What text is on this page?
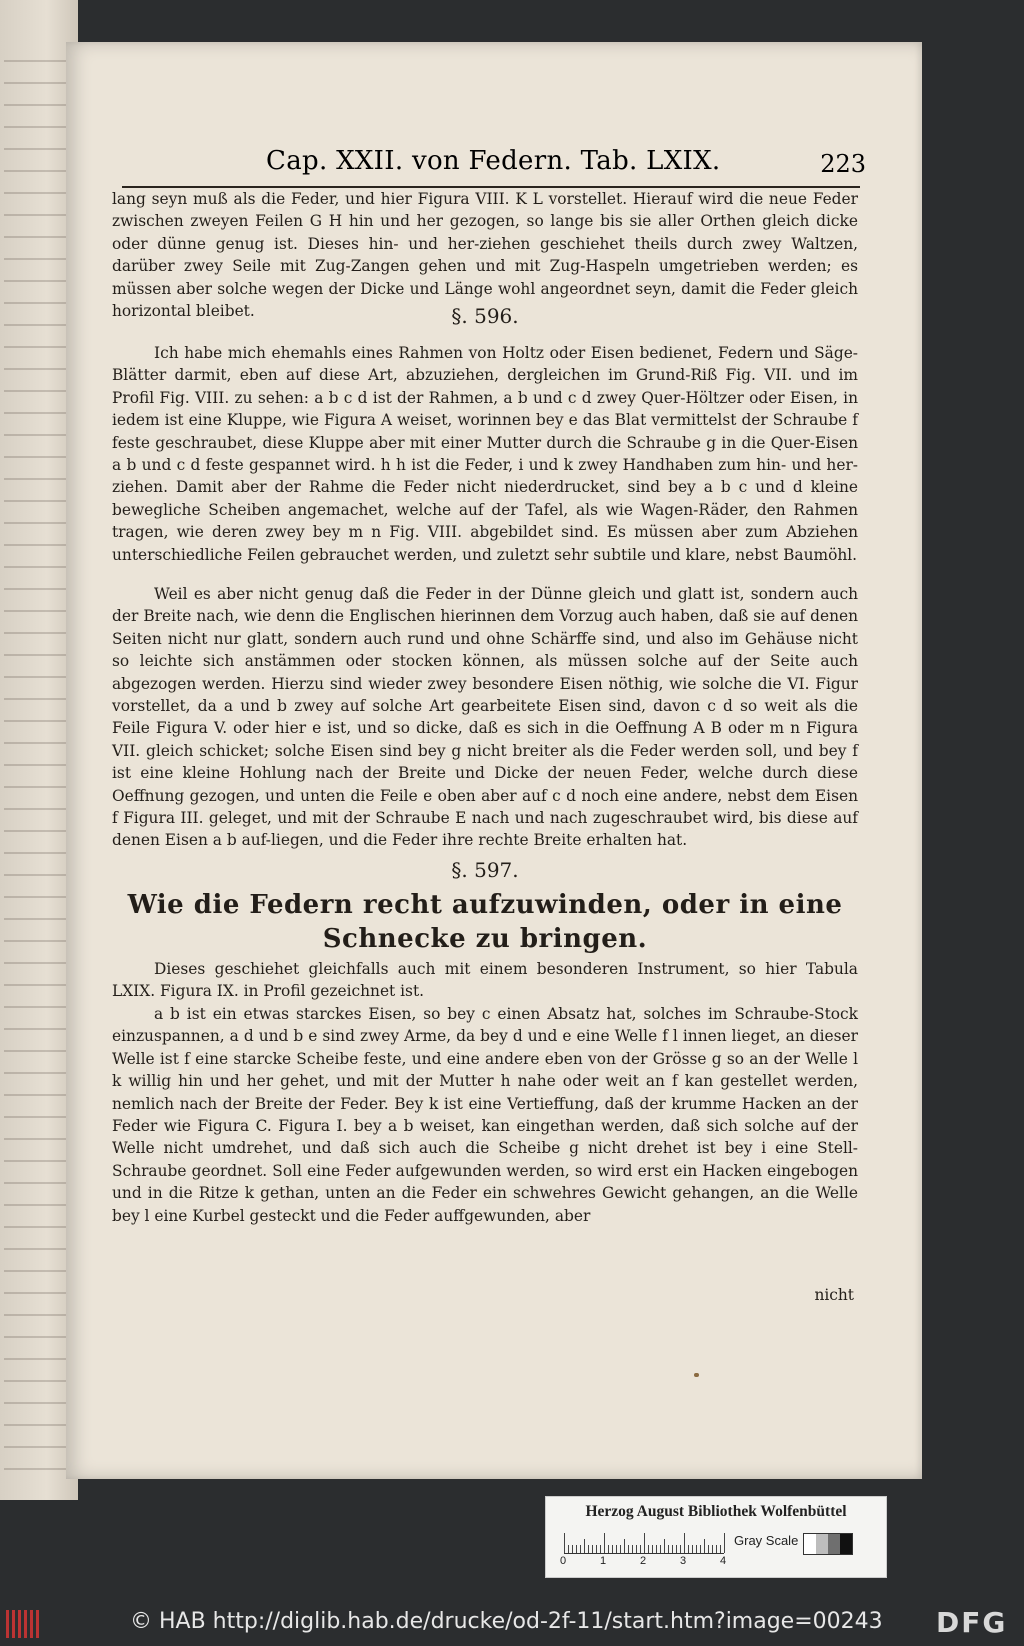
Cap. XXII. von Federn. Tab. LXIX.	223

lang seyn muß als die Feder, und hier Figura VIII. K L vorstellet. Hierauf wird die neue Feder zwischen zweyen Feilen G H hin und her gezogen, so lange bis sie aller Orthen gleich dicke oder dünne genug ist. Dieses hin- und her-ziehen geschiehet theils durch zwey Waltzen, darüber zwey Seile mit Zug-Zangen gehen und mit Zug-Haspeln umgetrieben werden; es müssen aber solche wegen der Dicke und Länge wohl angeordnet seyn, damit die Feder gleich horizontal bleibet.	§. 596.

Ich habe mich ehemahls eines Rahmen von Holtz oder Eisen bedienet, Federn und Säge-Blätter darmit, eben auf diese Art, abzuziehen, dergleichen im Grund-Riß Fig. VII. und im Profil Fig. VIII. zu sehen: a b c d ist der Rahmen, a b und c d zwey Quer-Höltzer oder Eisen, in iedem ist eine Kluppe, wie Figura A weiset, worinnen bey e das Blat vermittelst der Schraube f feste geschraubet, diese Kluppe aber mit einer Mutter durch die Schraube g in die Quer-Eisen a b und c d feste gespannet wird. h h ist die Feder, i und k zwey Handhaben zum hin- und her-ziehen. Damit aber der Rahme die Feder nicht niederdrucket, sind bey a b c und d kleine bewegliche Scheiben angemachet, welche auf der Tafel, als wie Wagen-Räder, den Rahmen tragen, wie deren zwey bey m n Fig. VIII. abgebildet sind. Es müssen aber zum Abziehen unterschiedliche Feilen gebrauchet werden, und zuletzt sehr subtile und klare, nebst Baumöhl.

Weil es aber nicht genug daß die Feder in der Dünne gleich und glatt ist, sondern auch der Breite nach, wie denn die Englischen hierinnen dem Vorzug auch haben, daß sie auf denen Seiten nicht nur glatt, sondern auch rund und ohne Schärffe sind, und also im Gehäuse nicht so leichte sich anstämmen oder stocken können, als müssen solche auf der Seite auch abgezogen werden. Hierzu sind wieder zwey besondere Eisen nöthig, wie solche die VI. Figur vorstellet, da a und b zwey auf solche Art gearbeitete Eisen sind, davon c d so weit als die Feile Figura V. oder hier e ist, und so dicke, daß es sich in die Oeffnung A B oder m n Figura VII. gleich schicket; solche Eisen sind bey g nicht breiter als die Feder werden soll, und bey f ist eine kleine Hohlung nach der Breite und Dicke der neuen Feder, welche durch diese Oeffnung gezogen, und unten die Feile e oben aber auf c d noch eine andere, nebst dem Eisen f Figura III. geleget, und mit der Schraube E nach und nach zugeschraubet wird, bis diese auf denen Eisen a b auf-liegen, und die Feder ihre rechte Breite erhalten hat.

§. 597.
Wie die Federn recht aufzuwinden, oder in eine
Schnecke zu bringen.

Dieses geschiehet gleichfalls auch mit einem besonderen Instrument, so hier Tabula LXIX. Figura IX. in Profil gezeichnet ist.

a b ist ein etwas starckes Eisen, so bey c einen Absatz hat, solches im Schraube-Stock einzuspannen, a d und b e sind zwey Arme, da bey d und e eine Welle f l innen lieget, an dieser Welle ist f eine starcke Scheibe feste, und eine andere eben von der Grösse g so an der Welle l k willig hin und her gehet, und mit der Mutter h nahe oder weit an f kan gestellet werden, nemlich nach der Breite der Feder. Bey k ist eine Vertieffung, daß der krumme Hacken an der Feder wie Figura C. Figura I. bey a b weiset, kan eingethan werden, daß sich solche auf der Welle nicht umdrehet, und daß sich auch die Scheibe g nicht drehet ist bey i eine Stell-Schraube geordnet. Soll eine Feder aufgewunden werden, so wird erst ein Hacken eingebogen und in die Ritze k gethan, unten an die Feder ein schwehres Gewicht gehangen, an die Welle bey l eine Kurbel gesteckt und die Feder auffgewunden, aber

nicht
Herzog August Bibliothek Wolfenbüttel
0	1	2	3	4
Gray Scale
© HAB http://diglib.hab.de/drucke/od-2f-11/start.htm?image=00243 DFG
